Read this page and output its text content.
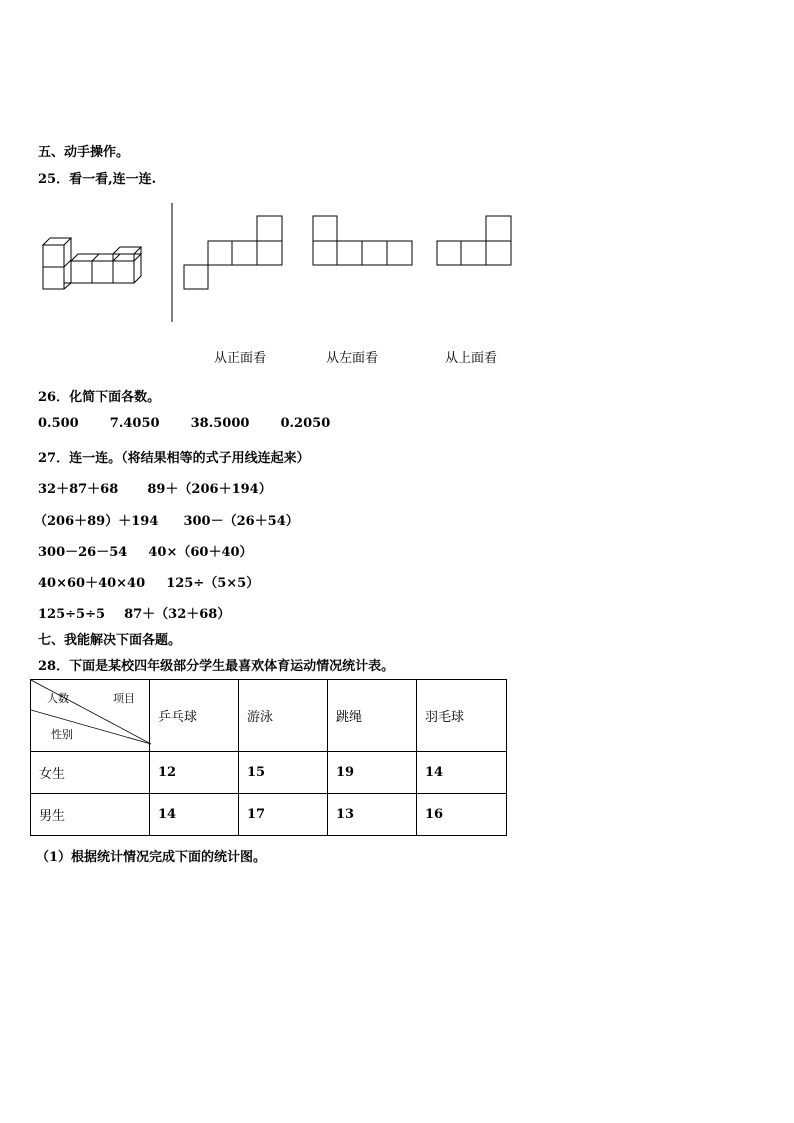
五、动手操作。
25．看一看,连一连.
从正面看	从左面看	从上面看
26．化简下面各数。
0.500 7.4050 38.5000 0.2050
27．连一连。（将结果相等的式子用线连起来）
32＋87＋68 89＋（206＋194）
（206＋89）＋194 300－（26＋54）
300－26－54 40×（60＋40）
40×60＋40×40 125÷（5×5）
125÷5÷5 87＋（32＋68）
七、我能解决下面各题。
28．下面是某校四年级部分学生最喜欢体育运动情况统计表。
人数 项目
性别	乒乓球	游泳	跳绳	羽毛球
女生	12	15	19	14
男生	14	17	13	16
（1）根据统计情况完成下面的统计图。
